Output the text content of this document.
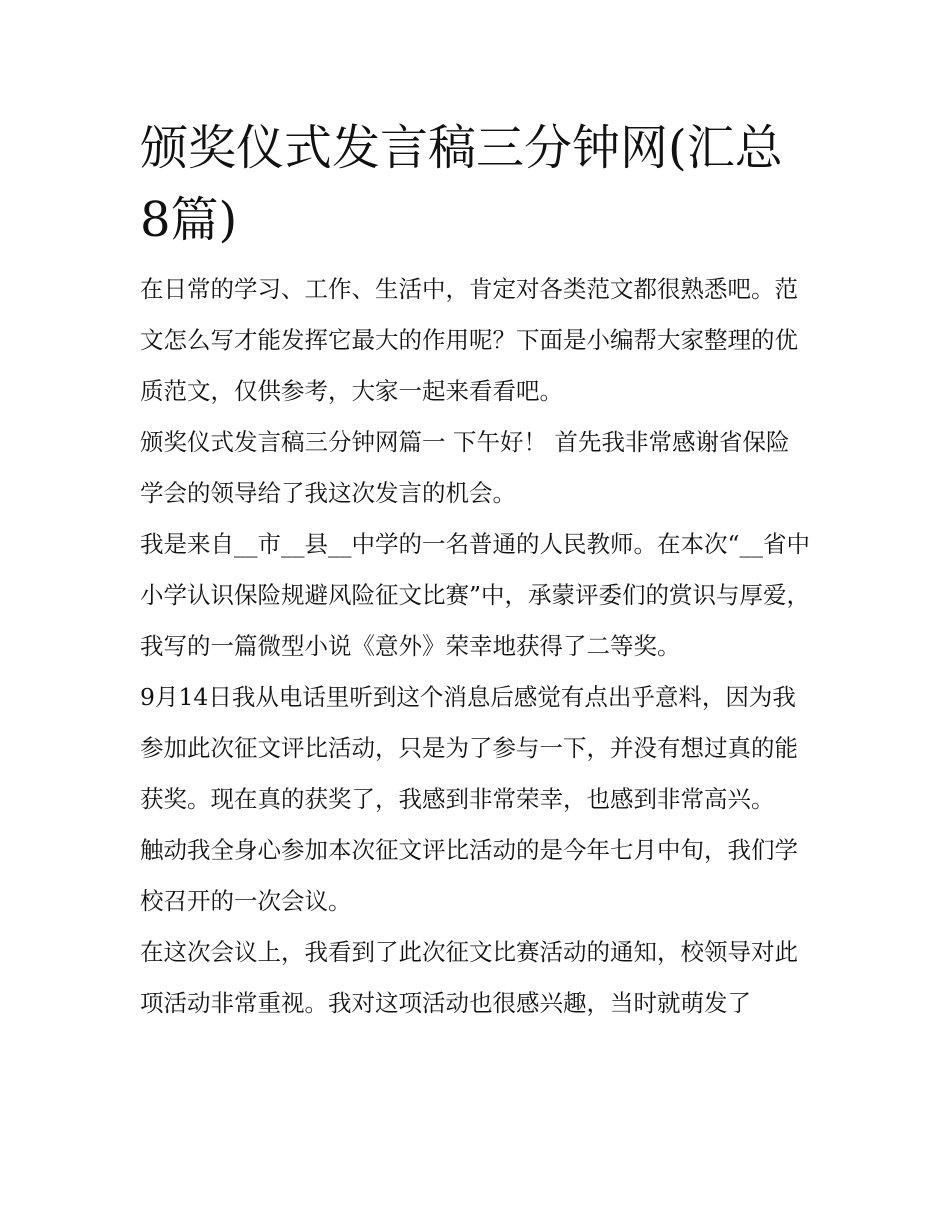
颁奖仪式发言稿三分钟网(汇总8篇)

在日常的学习、工作、生活中，肯定对各类范文都很熟悉吧。范文怎么写才能发挥它最大的作用呢？下面是小编帮大家整理的优质范文，仅供参考，大家一起来看看吧。

颁奖仪式发言稿三分钟网篇一 下午好！ 首先我非常感谢省保险学会的领导给了我这次发言的机会。

我是来自__市__县__中学的一名普通的人民教师。在本次“__省中小学认识保险规避风险征文比赛”中，承蒙评委们的赏识与厚爱，我写的一篇微型小说《意外》荣幸地获得了二等奖。

9月14日我从电话里听到这个消息后感觉有点出乎意料，因为我参加此次征文评比活动，只是为了参与一下，并没有想过真的能获奖。现在真的获奖了，我感到非常荣幸，也感到非常高兴。

触动我全身心参加本次征文评比活动的是今年七月中旬，我们学校召开的一次会议。

在这次会议上，我看到了此次征文比赛活动的通知，校领导对此项活动非常重视。我对这项活动也很感兴趣，当时就萌发了
